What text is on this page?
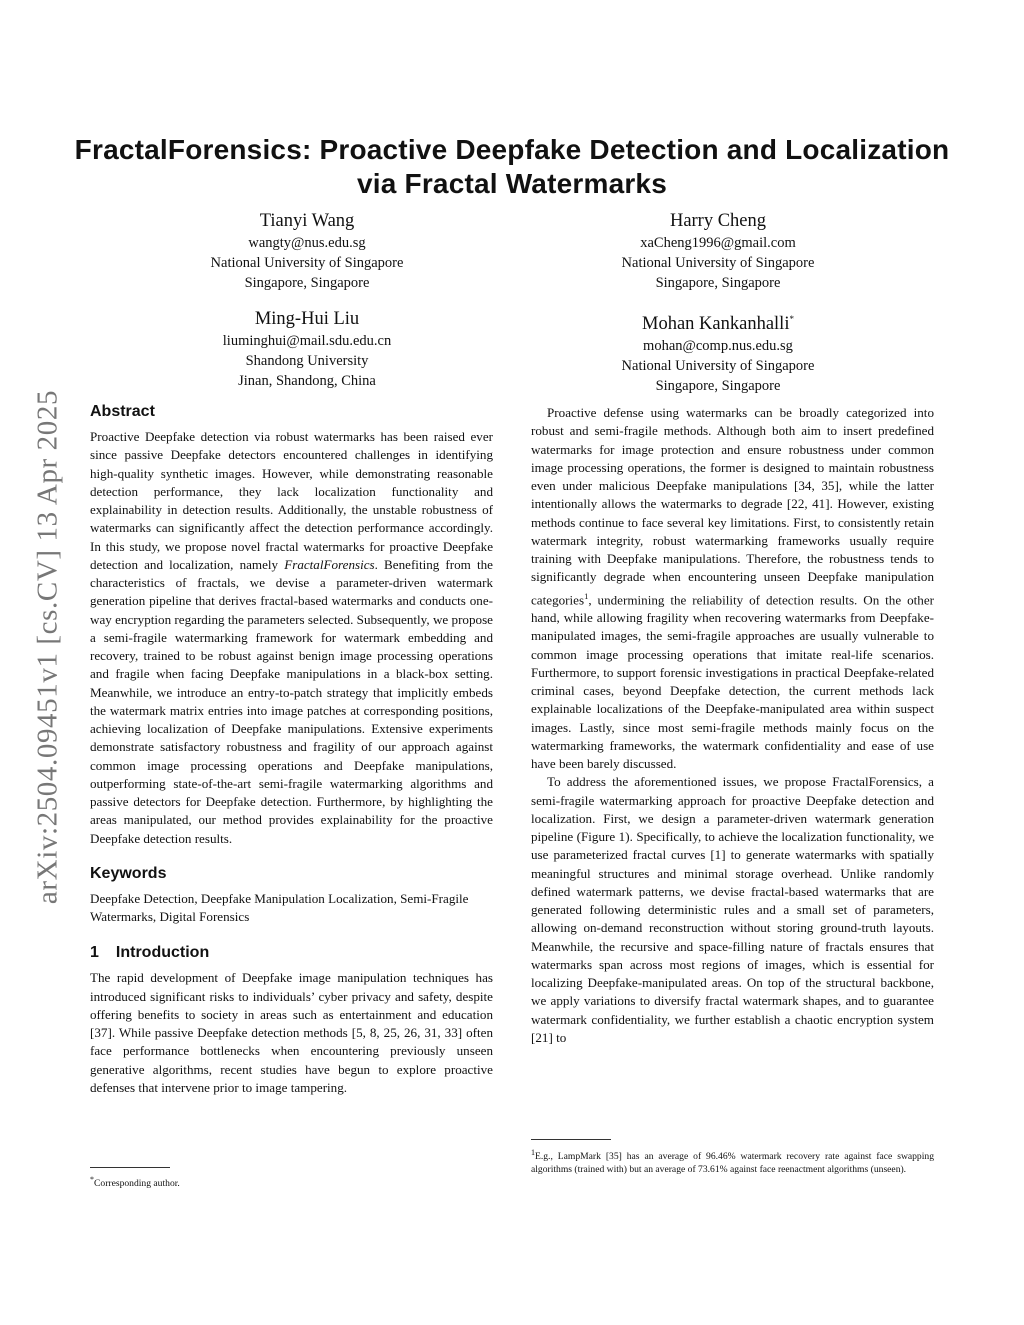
FractalForensics: Proactive Deepfake Detection and Localization via Fractal Watermarks
Tianyi Wang
wangty@nus.edu.sg
National University of Singapore
Singapore, Singapore
Harry Cheng
xaCheng1996@gmail.com
National University of Singapore
Singapore, Singapore
Ming-Hui Liu
liuminghui@mail.sdu.edu.cn
Shandong University
Jinan, Shandong, China
Mohan Kankanhalli*
mohan@comp.nus.edu.sg
National University of Singapore
Singapore, Singapore
arXiv:2504.09451v1 [cs.CV] 13 Apr 2025 Abstract

Proactive Deepfake detection via robust watermarks has been raised ever since passive Deepfake detectors encountered challenges in identifying high-quality synthetic images. However, while demonstrating reasonable detection performance, they lack localization functionality and explainability in detection results. Additionally, the unstable robustness of watermarks can significantly affect the detection performance accordingly. In this study, we propose novel fractal watermarks for proactive Deepfake detection and localization, namely FractalForensics. Benefiting from the characteristics of fractals, we devise a parameter-driven watermark generation pipeline that derives fractal-based watermarks and conducts one-way encryption regarding the parameters selected. Subsequently, we propose a semi-fragile watermarking framework for watermark embedding and recovery, trained to be robust against benign image processing operations and fragile when facing Deepfake manipulations in a black-box setting. Meanwhile, we introduce an entry-to-patch strategy that implicitly embeds the watermark matrix entries into image patches at corresponding positions, achieving localization of Deepfake manipulations. Extensive experiments demonstrate satisfactory robustness and fragility of our approach against common image processing operations and Deepfake manipulations, outperforming state-of-the-art semi-fragile watermarking algorithms and passive detectors for Deepfake detection. Furthermore, by highlighting the areas manipulated, our method provides explainability for the proactive Deepfake detection results.

Keywords

Deepfake Detection, Deepfake Manipulation Localization, Semi-Fragile Watermarks, Digital Forensics

1 Introduction

The rapid development of Deepfake image manipulation techniques has introduced significant risks to individuals’ cyber privacy and safety, despite offering benefits to society in areas such as entertainment and education [37]. While passive Deepfake detection methods [5, 8, 25, 26, 31, 33] often face performance bottlenecks when encountering previously unseen generative algorithms, recent studies have begun to explore proactive defenses that intervene prior to image tampering.

*Corresponding author.

Proactive defense using watermarks can be broadly categorized into robust and semi-fragile methods. Although both aim to insert predefined watermarks for image protection and ensure robustness under common image processing operations, the former is designed to maintain robustness even under malicious Deepfake manipulations [34, 35], while the latter intentionally allows the watermarks to degrade [22, 41]. However, existing methods continue to face several key limitations. First, to consistently retain watermark integrity, robust watermarking frameworks usually require training with Deepfake manipulations. Therefore, the robustness tends to significantly degrade when encountering unseen Deepfake manipulation categories$^1$, undermining the reliability of detection results. On the other hand, while allowing fragility when recovering watermarks from Deepfake-manipulated images, the semi-fragile approaches are usually vulnerable to common image processing operations that imitate real-life scenarios. Furthermore, to support forensic investigations in practical Deepfake-related criminal cases, beyond Deepfake detection, the current methods lack explainable localizations of the Deepfake-manipulated area within suspect images. Lastly, since most semi-fragile methods mainly focus on the watermarking frameworks, the watermark confidentiality and ease of use have been barely discussed.

To address the aforementioned issues, we propose FractalForensics, a semi-fragile watermarking approach for proactive Deepfake detection and localization. First, we design a parameter-driven watermark generation pipeline (Figure 1). Specifically, to achieve the localization functionality, we use parameterized fractal curves [1] to generate watermarks with spatially meaningful structures and minimal storage overhead. Unlike randomly defined watermark patterns, we devise fractal-based watermarks that are generated following deterministic rules and a small set of parameters, allowing on-demand reconstruction without storing ground-truth layouts. Meanwhile, the recursive and space-filling nature of fractals ensures that watermarks span across most regions of images, which is essential for localizing Deepfake-manipulated areas. On top of the structural backbone, we apply variations to diversify fractal watermark shapes, and to guarantee watermark confidentiality, we further establish a chaotic encryption system [21] to

$^1$E.g., LampMark [35] has an average of 96.46% watermark recovery rate against face swapping algorithms (trained with) but an average of 73.61% against face reenactment algorithms (unseen).
